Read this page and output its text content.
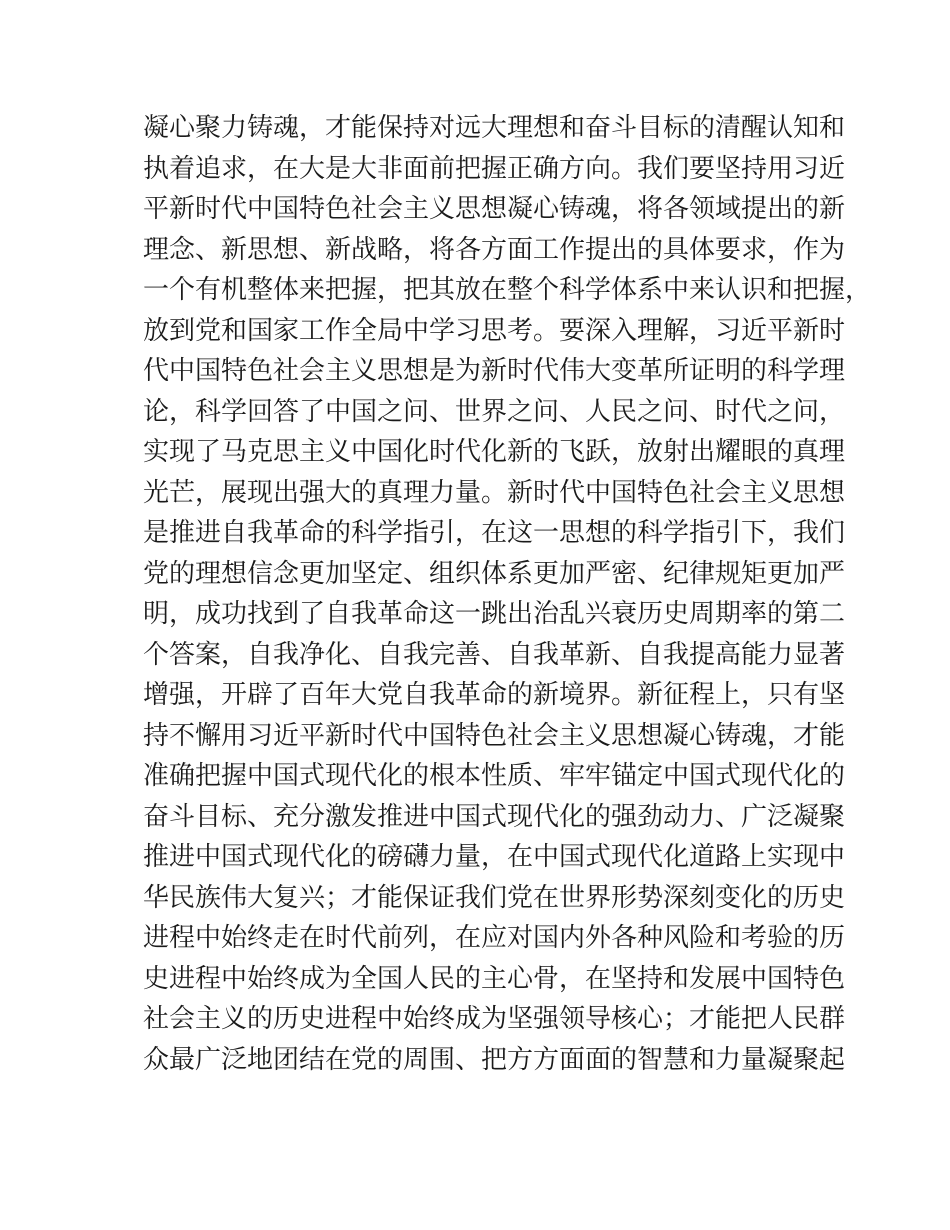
凝心聚力铸魂，才能保持对远大理想和奋斗目标的清醒认知和
执着追求，在大是大非面前把握正确方向。我们要坚持用习近
平新时代中国特色社会主义思想凝心铸魂，将各领域提出的新
理念、新思想、新战略，将各方面工作提出的具体要求，作为
一个有机整体来把握，把其放在整个科学体系中来认识和把握，
放到党和国家工作全局中学习思考。要深入理解，习近平新时
代中国特色社会主义思想是为新时代伟大变革所证明的科学理
论，科学回答了中国之问、世界之问、人民之问、时代之问，
实现了马克思主义中国化时代化新的飞跃，放射出耀眼的真理
光芒，展现出强大的真理力量。新时代中国特色社会主义思想
是推进自我革命的科学指引，在这一思想的科学指引下，我们
党的理想信念更加坚定、组织体系更加严密、纪律规矩更加严
明，成功找到了自我革命这一跳出治乱兴衰历史周期率的第二
个答案，自我净化、自我完善、自我革新、自我提高能力显著
增强，开辟了百年大党自我革命的新境界。新征程上，只有坚
持不懈用习近平新时代中国特色社会主义思想凝心铸魂，才能
准确把握中国式现代化的根本性质、牢牢锚定中国式现代化的
奋斗目标、充分激发推进中国式现代化的强劲动力、广泛凝聚
推进中国式现代化的磅礴力量，在中国式现代化道路上实现中
华民族伟大复兴；才能保证我们党在世界形势深刻变化的历史
进程中始终走在时代前列，在应对国内外各种风险和考验的历
史进程中始终成为全国人民的主心骨，在坚持和发展中国特色
社会主义的历史进程中始终成为坚强领导核心；才能把人民群
众最广泛地团结在党的周围、把方方面面的智慧和力量凝聚起
